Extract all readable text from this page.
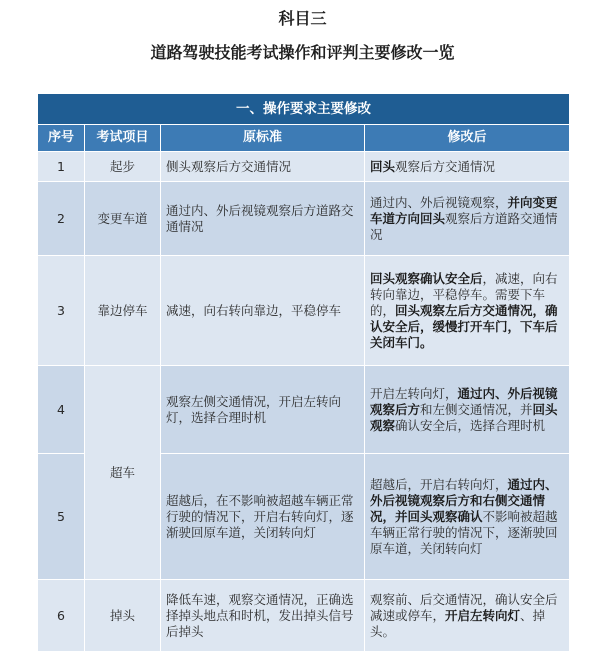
科目三
道路驾驶技能考试操作和评判主要修改一览
一、操作要求主要修改			
序号	考试项目	原标准	修改后
1	起步	侧头观察后方交通情况	回头观察后方交通情况
2	变更车道	通过内、外后视镜观察后方道路交通情况	通过内、外后视镜观察，并向变更车道方向回头观察后方道路交通情况
3	靠边停车	减速，向右转向靠边，平稳停车	回头观察确认安全后，减速，向右转向靠边，平稳停车。需要下车的，回头观察左后方交通情况，确认安全后，缓慢打开车门，下车后关闭车门。
4	超车	观察左侧交通情况，开启左转向灯，选择合理时机	开启左转向灯，通过内、外后视镜观察后方和左侧交通情况，并回头观察确认安全后，选择合理时机
5		超越后，在不影响被超越车辆正常行驶的情况下，开启右转向灯，逐渐驶回原车道，关闭转向灯	超越后，开启右转向灯，通过内、外后视镜观察后方和右侧交通情况，并回头观察确认不影响被超越车辆正常行驶的情况下，逐渐驶回原车道，关闭转向灯
6	掉头	降低车速，观察交通情况，正确选择掉头地点和时机，发出掉头信号后掉头	观察前、后交通情况，确认安全后减速或停车，开启左转向灯、掉头。
